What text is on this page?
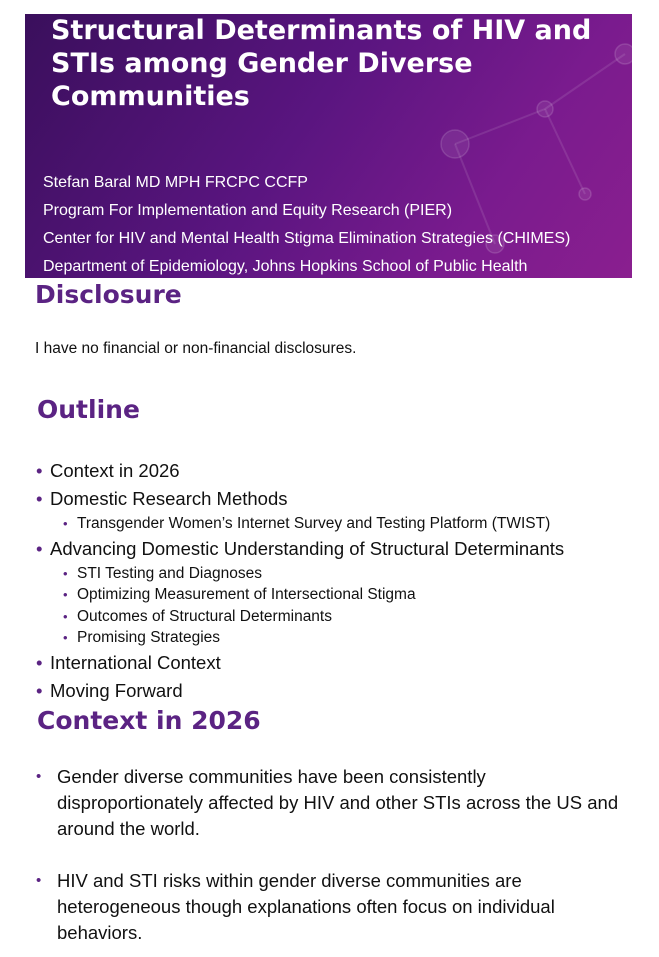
Structural Determinants of HIV and STIs among Gender Diverse Communities
Stefan Baral MD MPH FRCPC CCFP
Program For Implementation and Equity Research (PIER)
Center for HIV and Mental Health Stigma Elimination Strategies (CHIMES)
Department of Epidemiology, Johns Hopkins School of Public Health
Disclosure

I have no financial or non-financial disclosures.

Outline
• Context in 2026
• Domestic Research Methods
• Transgender Women’s Internet Survey and Testing Platform (TWIST)
• Advancing Domestic Understanding of Structural Determinants
• STI Testing and Diagnoses
• Optimizing Measurement of Intersectional Stigma
• Outcomes of Structural Determinants
• Promising Strategies
• International Context
• Moving Forward
Context in 2026
• Gender diverse communities have been consistently disproportionately affected by HIV and other STIs across the US and around the world.
• HIV and STI risks within gender diverse communities are heterogeneous though explanations often focus on individual behaviors.
